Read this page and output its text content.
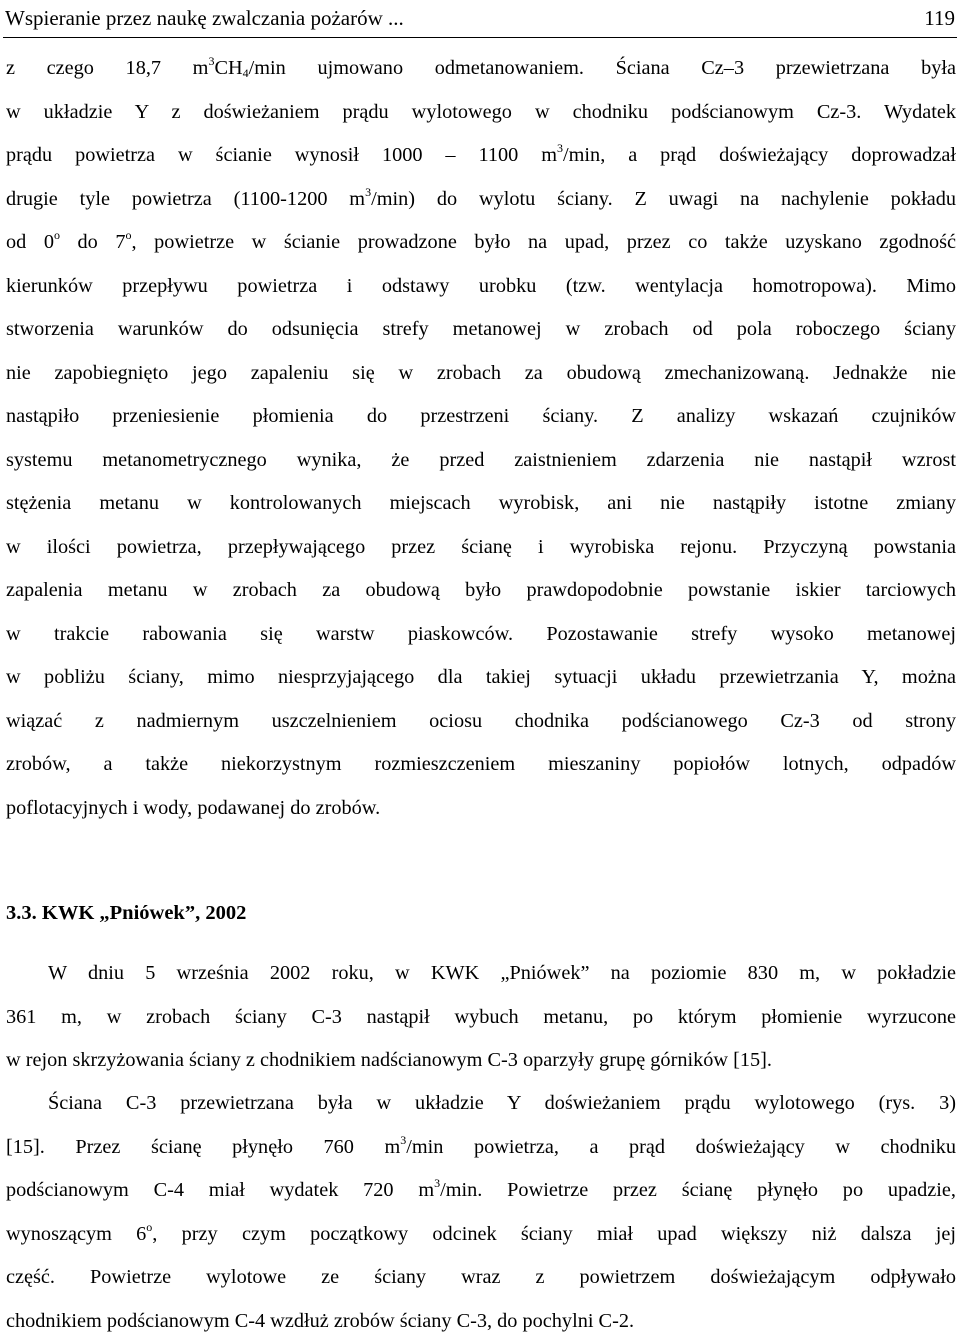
Wspieranie przez naukę zwalczania pożarów ...	119
z czego 18,7 $m^3CH_4/\min$ ujmowano odmetanowaniem. Ściana Cz–3 przewietrzana była
w układzie Y z doświeżaniem prądu wylotowego w chodniku podścianowym Cz-3. Wydatek
prądu powietrza w ścianie wynosił 1000 – 1100 $m^3/\min$, a prąd doświeżający doprowadzał
drugie tyle powietrza (1100-1200 $m^3/\min$) do wylotu ściany. Z uwagi na nachylenie pokładu
od 0$^o$ do 7$^o$, powietrze w ścianie prowadzone było na upad, przez co także uzyskano zgodność
kierunków przepływu powietrza i odstawy urobku (tzw. wentylacja homotropowa). Mimo
stworzenia warunków do odsunięcia strefy metanowej w zrobach od pola roboczego ściany
nie zapobiegnięto jego zapaleniu się w zrobach za obudową zmechanizowaną. Jednakże nie
nastąpiło przeniesienie płomienia do przestrzeni ściany. Z analizy wskazań czujników
systemu metanometrycznego wynika, że przed zaistnieniem zdarzenia nie nastąpił wzrost
stężenia metanu w kontrolowanych miejscach wyrobisk, ani nie nastąpiły istotne zmiany
w ilości powietrza, przepływającego przez ścianę i wyrobiska rejonu. Przyczyną powstania
zapalenia metanu w zrobach za obudową było prawdopodobnie powstanie iskier tarciowych
w trakcie rabowania się warstw piaskowców. Pozostawanie strefy wysoko metanowej
w pobliżu ściany, mimo niesprzyjającego dla takiej sytuacji układu przewietrzania Y, można
wiązać z nadmiernym uszczelnieniem ociosu chodnika podścianowego Cz-3 od strony
zrobów, a także niekorzystnym rozmieszczeniem mieszaniny popiołów lotnych, odpadów
poflotacyjnych i wody, podawanej do zrobów.
3.3. KWK „Pniówek”, 2002
W dniu 5 września 2002 roku, w KWK „Pniówek” na poziomie 830 m, w pokładzie
361 m, w zrobach ściany C-3 nastąpił wybuch metanu, po którym płomienie wyrzucone
w rejon skrzyżowania ściany z chodnikiem nadścianowym C-3 oparzyły grupę górników [15].
Ściana C-3 przewietrzana była w układzie Y doświeżaniem prądu wylotowego (rys. 3)
[15]. Przez ścianę płynęło 760 $m^3/\min$ powietrza, a prąd doświeżający w chodniku
podścianowym C-4 miał wydatek 720 $m^3/\min$. Powietrze przez ścianę płynęło po upadzie,
wynoszącym 6$^o$, przy czym początkowy odcinek ściany miał upad większy niż dalsza jej
część. Powietrze wylotowe ze ściany wraz z powietrzem doświeżającym odpływało
chodnikiem podścianowym C-4 wzdłuż zrobów ściany C-3, do pochylni C-2.
